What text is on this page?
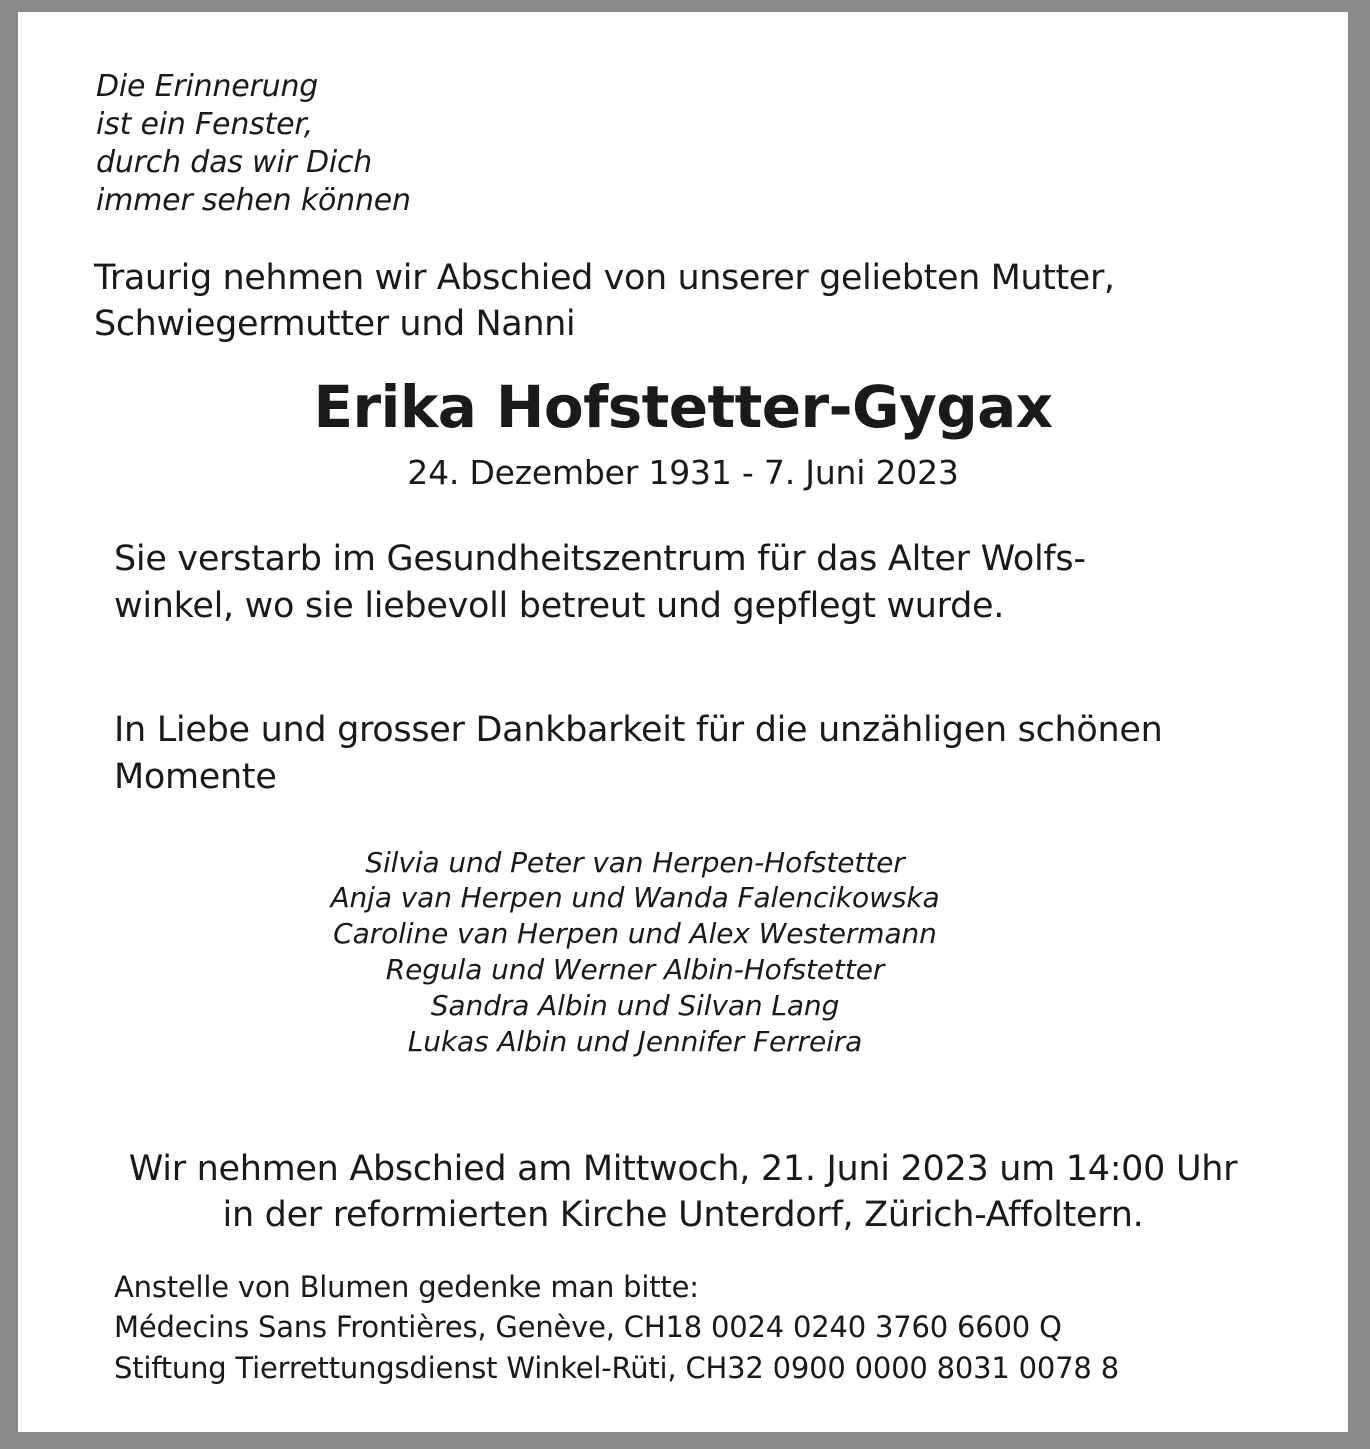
Die Erinnerung
ist ein Fenster,
durch das wir Dich
immer sehen können

Traurig nehmen wir Abschied von unserer geliebten Mutter, Schwiegermutter und Nanni

Erika Hofstetter-Gygax

24. Dezember 1931 - 7. Juni 2023

Sie verstarb im Gesundheitszentrum für das Alter Wolfs-
winkel, wo sie liebevoll betreut und gepflegt wurde.

In Liebe und grosser Dankbarkeit für die unzähligen schönen Momente

Silvia und Peter van Herpen-Hofstetter
Anja van Herpen und Wanda Falencikowska
Caroline van Herpen und Alex Westermann
Regula und Werner Albin-Hofstetter
Sandra Albin und Silvan Lang
Lukas Albin und Jennifer Ferreira
Wir nehmen Abschied am Mittwoch, 21. Juni 2023 um 14:00 Uhr in der reformierten Kirche Unterdorf, Zürich-Affoltern.
Anstelle von Blumen gedenke man bitte:
Médecins Sans Frontières, Genève, CH18 0024 0240 3760 6600 Q
Stiftung Tierrettungsdienst Winkel-Rüti, CH32 0900 0000 8031 0078 8
